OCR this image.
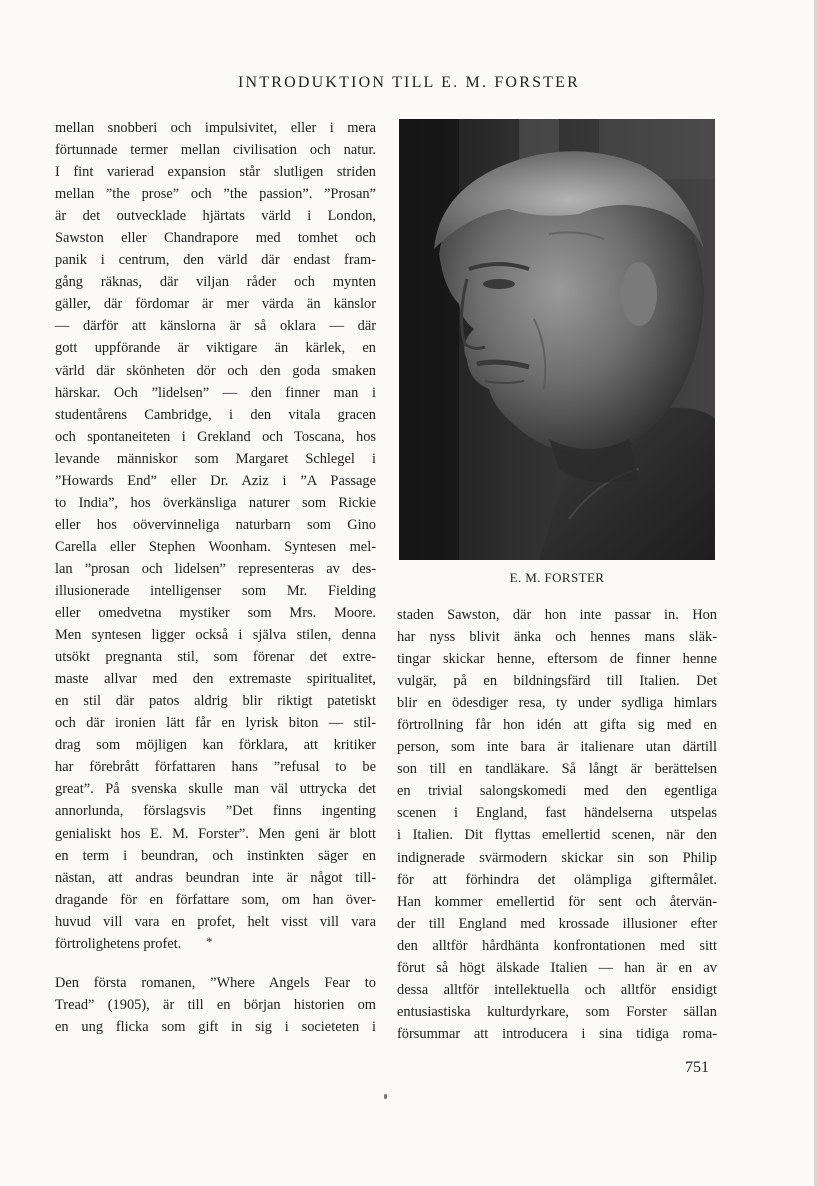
INTRODUKTION TILL E. M. FORSTER
mellan snobberi och impulsivitet, eller i mera
förtunnade termer mellan civilisation och natur.
I fint varierad expansion står slutligen striden
mellan ”the prose” och ”the passion”. ”Prosan”
är det outvecklade hjärtats värld i London,
Sawston eller Chandrapore med tomhet och
panik i centrum, den värld där endast fram-
gång räknas, där viljan råder och mynten
gäller, där fördomar är mer värda än känslor
— därför att känslorna är så oklara — där
gott uppförande är viktigare än kärlek, en
värld där skönheten dör och den goda smaken
härskar. Och ”lidelsen” — den finner man i
studentårens Cambridge, i den vitala gracen
och spontaneiteten i Grekland och Toscana, hos
levande människor som Margaret Schlegel i
”Howards End” eller Dr. Aziz i ”A Passage
to India”, hos överkänsliga naturer som Rickie
eller hos oövervinneliga naturbarn som Gino
Carella eller Stephen Woonham. Syntesen mel-
lan ”prosan och lidelsen” representeras av des-
illusionerade intelligenser som Mr. Fielding
eller omedvetna mystiker som Mrs. Moore.
Men syntesen ligger också i själva stilen, denna
utsökt pregnanta stil, som förenar det extre-
maste allvar med den extremaste spiritualitet,
en stil där patos aldrig blir riktigt patetiskt
och där ironien lätt får en lyrisk biton — stil-
drag som möjligen kan förklara, att kritiker
har förebrått författaren hans ”refusal to be
great”. På svenska skulle man väl uttrycka det
annorlunda, förslagsvis ”Det finns ingenting
genialiskt hos E. M. Forster”. Men geni är blott
en term i beundran, och instinkten säger en
nästan, att andras beundran inte är något till-
dragande för en författare som, om han över-
huvud vill vara en profet, helt visst vill vara
förtrolighetens profet.	*
Den första romanen, ”Where Angels Fear to
Tread” (1905), är till en början historien om
en ung flicka som gift in sig i societeten i
E. M. FORSTER
staden Sawston, där hon inte passar in. Hon
har nyss blivit änka och hennes mans släk-
tingar skickar henne, eftersom de finner henne
vulgär, på en bildningsfärd till Italien. Det
blir en ödesdiger resa, ty under sydliga himlars
förtrollning får hon idén att gifta sig med en
person, som inte bara är italienare utan därtill
son till en tandläkare. Så långt är berättelsen
en trivial salongskomedi med den egentliga
scenen i England, fast händelserna utspelas
i Italien. Dit flyttas emellertid scenen, när den
indignerade svärmodern skickar sin son Philip
för att förhindra det olämpliga giftermålet.
Han kommer emellertid för sent och återvän-
der till England med krossade illusioner efter
den alltför hårdhänta konfrontationen med sitt
förut så högt älskade Italien — han är en av
dessa alltför intellektuella och alltför ensidigt
entusiastiska kulturdyrkare, som Forster sällan
försummar att introducera i sina tidiga roma-
751
